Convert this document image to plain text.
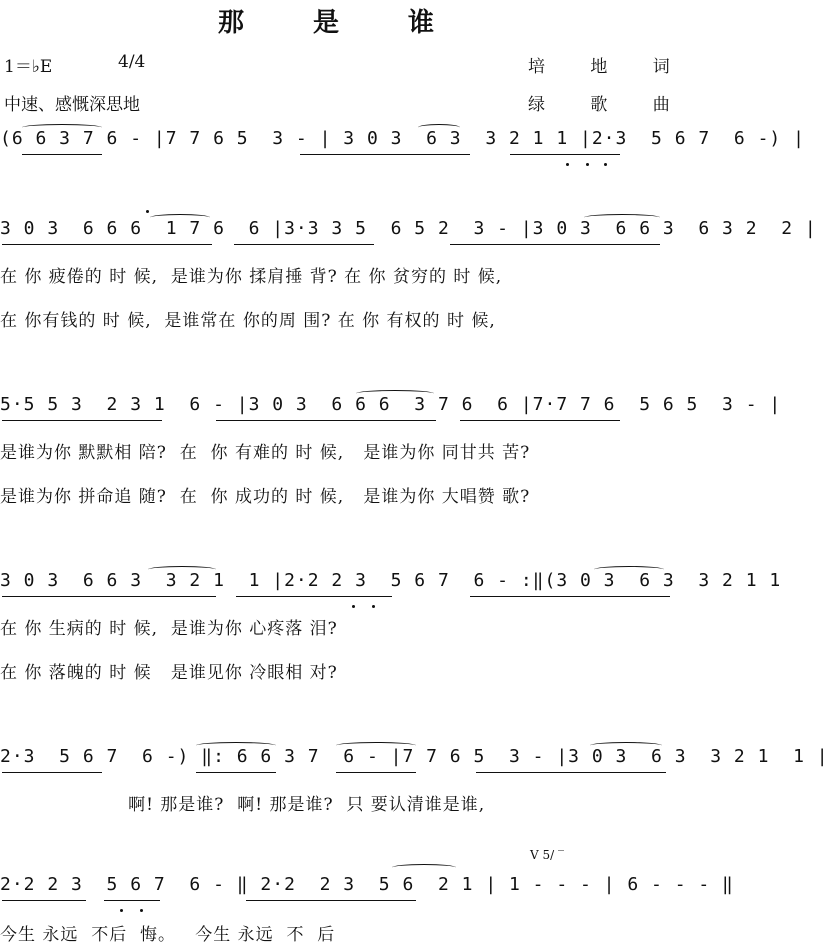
那 是 谁
1＝♭E	4/4	培 地 词
中速、感慨深思地	绿 歌 曲
(6 6 3 7 6 - |7 7 6 5  3 - | 3 0 3  6 3  3 2 1 1 |2·3  5 6 7  6 -) |
3 0 3  6 6 6  1 7 6  6 |3·3 3 5  6 5 2  3 - |3 0 3  6 6 3  6 3 2  2 |
在 你 疲倦的 时 候,  是谁为你 揉肩捶 背? 在 你 贫穷的 时 候,
在 你有钱的 时 候,  是谁常在 你的周 围? 在 你 有权的 时 候,
5·5 5 3  2 3 1  6 - |3 0 3  6 6 6  3 7 6  6 |7·7 7 6  5 6 5  3 - |
是谁为你 默默相 陪?  在  你 有难的 时 候,   是谁为你 同甘共 苦?
是谁为你 拼命追 随?  在  你 成功的 时 候,   是谁为你 大唱赞 歌?
3 0 3  6 6 3  3 2 1  1 |2·2 2 3  5 6 7  6 - :‖(3 0 3  6 3  3 2 1 1
在 你 生病的 时 候,  是谁为你 心疼落 泪?
在 你 落魄的 时 候   是谁见你 冷眼相 对?
2·3  5 6 7  6 -) ‖: 6 6 3 7  6 - |7 7 6 5  3 - |3 0 3  6 3  3 2 1  1 |
啊! 那是谁?  啊! 那是谁?  只 要认清谁是谁,
2·2 2 3  5 6 7  6 - ‖ 2·2  2 3  5 6  2 1 | 1 - - - | 6 - - - ‖
V 5/ ‾
今生 永远  不后  悔。   今生 永远  不  后
